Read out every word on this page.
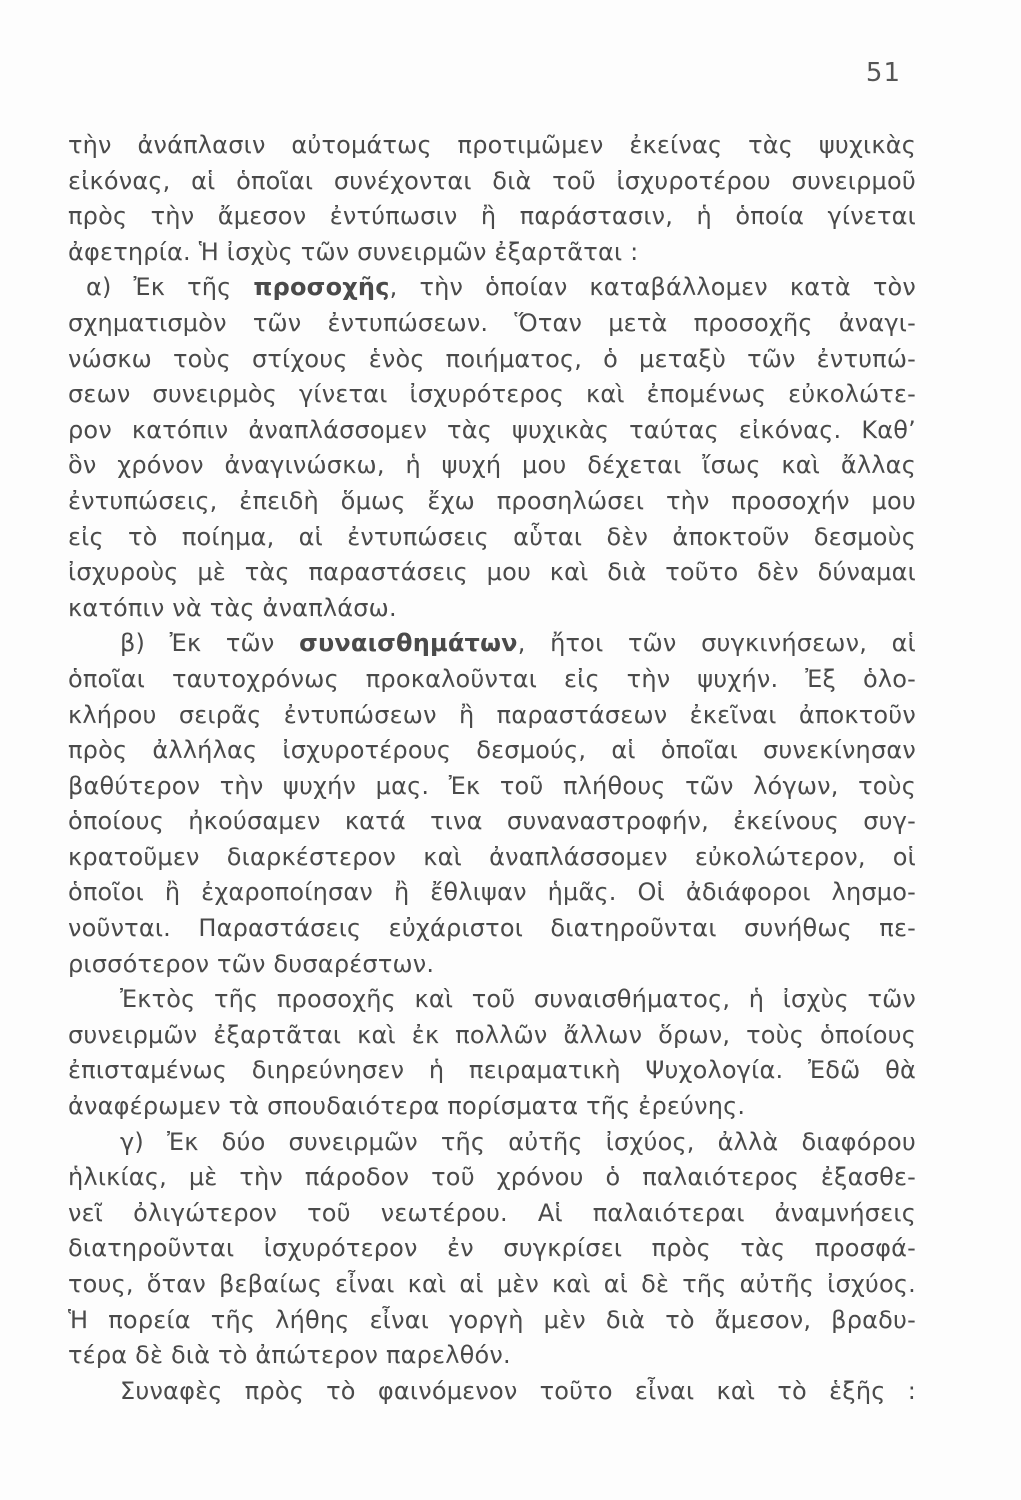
51
τὴν ἀνάπλασιν αὐτομάτως προτιμῶμεν ἐκείνας τὰς ψυχικὰς
εἰκόνας, αἱ ὁποῖαι συνέχονται διὰ τοῦ ἰσχυροτέρου συνειρμοῦ
πρὸς τὴν ἄμεσον ἐντύπωσιν ἢ παράστασιν, ἡ ὁποία γίνεται
ἀφετηρία. Ἡ ἰσχὺς τῶν συνειρμῶν ἐξαρτᾶται :
α) Ἐκ τῆς προσοχῆς, τὴν ὁποίαν καταβάλλομεν κατὰ τὸν
σχηματισμὸν τῶν ἐντυπώσεων. Ὅταν μετὰ προσοχῆς ἀναγι-
νώσκω τοὺς στίχους ἑνὸς ποιήματος, ὁ μεταξὺ τῶν ἐντυπώ-
σεων συνειρμὸς γίνεται ἰσχυρότερος καὶ ἐπομένως εὐκολώτε-
ρον κατόπιν ἀναπλάσσομεν τὰς ψυχικὰς ταύτας εἰκόνας. Καθ’
ὃν χρόνον ἀναγινώσκω, ἡ ψυχή μου δέχεται ἴσως καὶ ἄλλας
ἐντυπώσεις, ἐπειδὴ ὅμως ἔχω προσηλώσει τὴν προσοχήν μου
εἰς τὸ ποίημα, αἱ ἐντυπώσεις αὗται δὲν ἀποκτοῦν δεσμοὺς
ἰσχυροὺς μὲ τὰς παραστάσεις μου καὶ διὰ τοῦτο δὲν δύναμαι
κατόπιν νὰ τὰς ἀναπλάσω.
β) Ἐκ τῶν συναισθημάτων, ἤτοι τῶν συγκινήσεων, αἱ
ὁποῖαι ταυτοχρόνως προκαλοῦνται εἰς τὴν ψυχήν. Ἐξ ὁλο-
κλήρου σειρᾶς ἐντυπώσεων ἢ παραστάσεων ἐκεῖναι ἀποκτοῦν
πρὸς ἀλλήλας ἰσχυροτέρους δεσμούς, αἱ ὁποῖαι συνεκίνησαν
βαθύτερον τὴν ψυχήν μας. Ἐκ τοῦ πλήθους τῶν λόγων, τοὺς
ὁποίους ἠκούσαμεν κατά τινα συναναστροφήν, ἐκείνους συγ-
κρατοῦμεν διαρκέστερον καὶ ἀναπλάσσομεν εὐκολώτερον, οἱ
ὁποῖοι ἢ ἐχαροποίησαν ἢ ἔθλιψαν ἡμᾶς. Οἱ ἀδιάφοροι λησμο-
νοῦνται. Παραστάσεις εὐχάριστοι διατηροῦνται συνήθως πε-
ρισσότερον τῶν δυσαρέστων.
Ἐκτὸς τῆς προσοχῆς καὶ τοῦ συναισθήματος, ἡ ἰσχὺς τῶν
συνειρμῶν ἐξαρτᾶται καὶ ἐκ πολλῶν ἄλλων ὅρων, τοὺς ὁποίους
ἐπισταμένως διηρεύνησεν ἡ πειραματικὴ Ψυχολογία. Ἐδῶ θὰ
ἀναφέρωμεν τὰ σπουδαιότερα πορίσματα τῆς ἐρεύνης.
γ) Ἐκ δύο συνειρμῶν τῆς αὐτῆς ἰσχύος, ἀλλὰ διαφόρου
ἡλικίας, μὲ τὴν πάροδον τοῦ χρόνου ὁ παλαιότερος ἐξασθε-
νεῖ ὀλιγώτερον τοῦ νεωτέρου. Αἱ παλαιότεραι ἀναμνήσεις
διατηροῦνται ἰσχυρότερον ἐν συγκρίσει πρὸς τὰς προσφά-
τους, ὅταν βεβαίως εἶναι καὶ αἱ μὲν καὶ αἱ δὲ τῆς αὐτῆς ἰσχύος.
Ἡ πορεία τῆς λήθης εἶναι γοργὴ μὲν διὰ τὸ ἄμεσον, βραδυ-
τέρα δὲ διὰ τὸ ἀπώτερον παρελθόν.
Συναφὲς πρὸς τὸ φαινόμενον τοῦτο εἶναι καὶ τὸ ἑξῆς :
